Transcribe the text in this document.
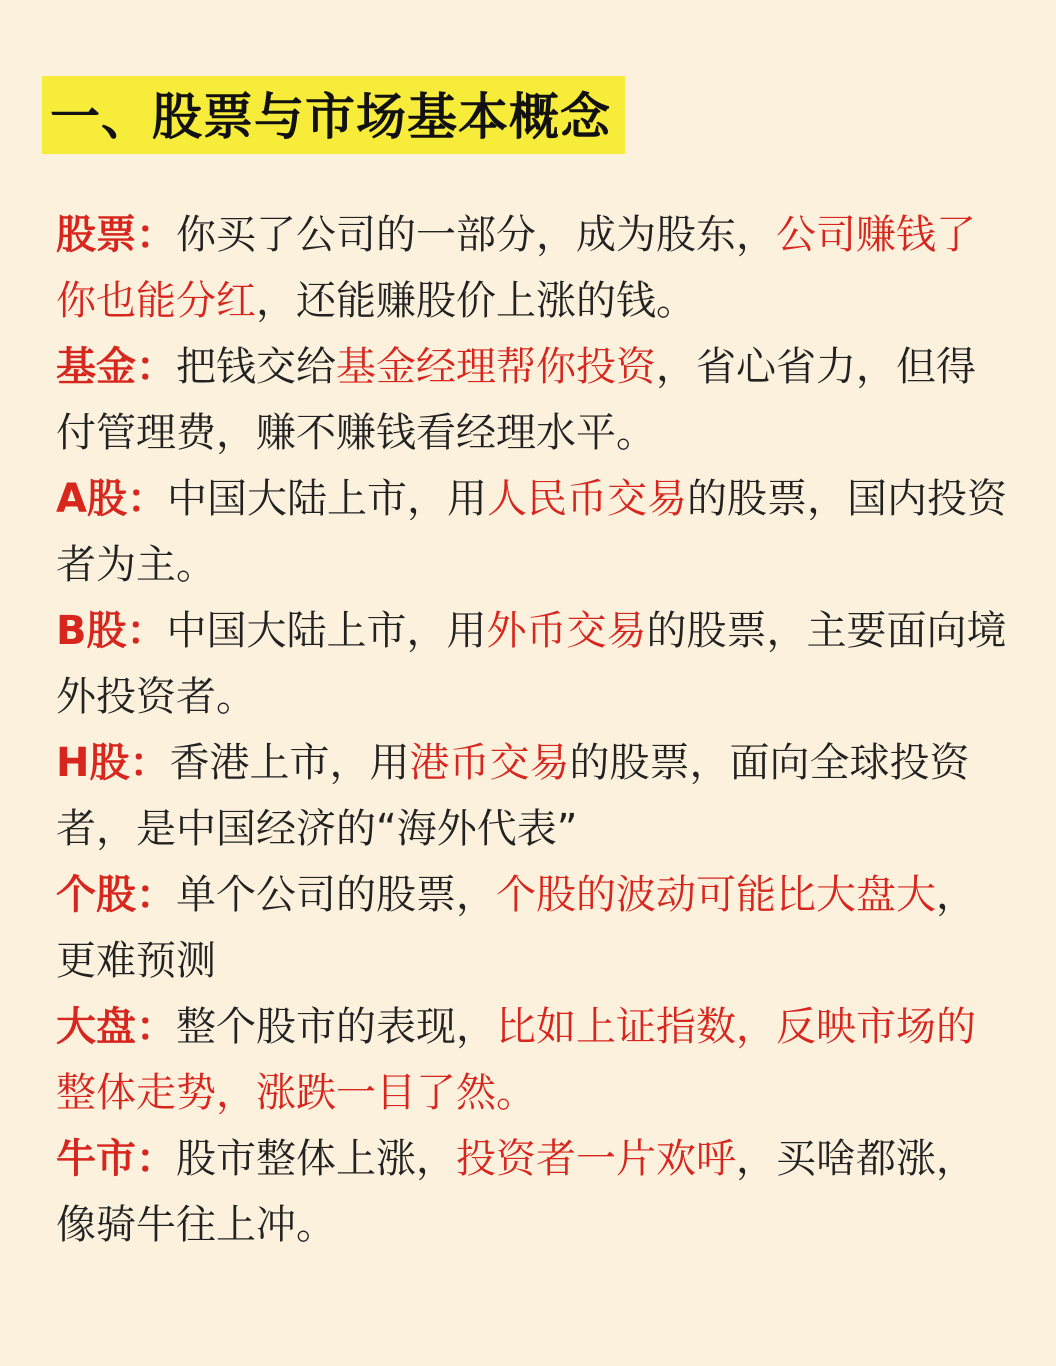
一、股票与市场基本概念

股票：你买了公司的一部分，成为股东，公司赚钱了你也能分红，还能赚股价上涨的钱。

基金：把钱交给基金经理帮你投资，省心省力，但得付管理费，赚不赚钱看经理水平。

A股：中国大陆上市，用人民币交易的股票，国内投资者为主。

B股：中国大陆上市，用外币交易的股票，主要面向境外投资者。

H股：香港上市，用港币交易的股票，面向全球投资者，是中国经济的“海外代表”

个股：单个公司的股票，个股的波动可能比大盘大，更难预测

大盘：整个股市的表现，比如上证指数，反映市场的整体走势，涨跌一目了然。

牛市：股市整体上涨，投资者一片欢呼，买啥都涨，像骑牛往上冲。
